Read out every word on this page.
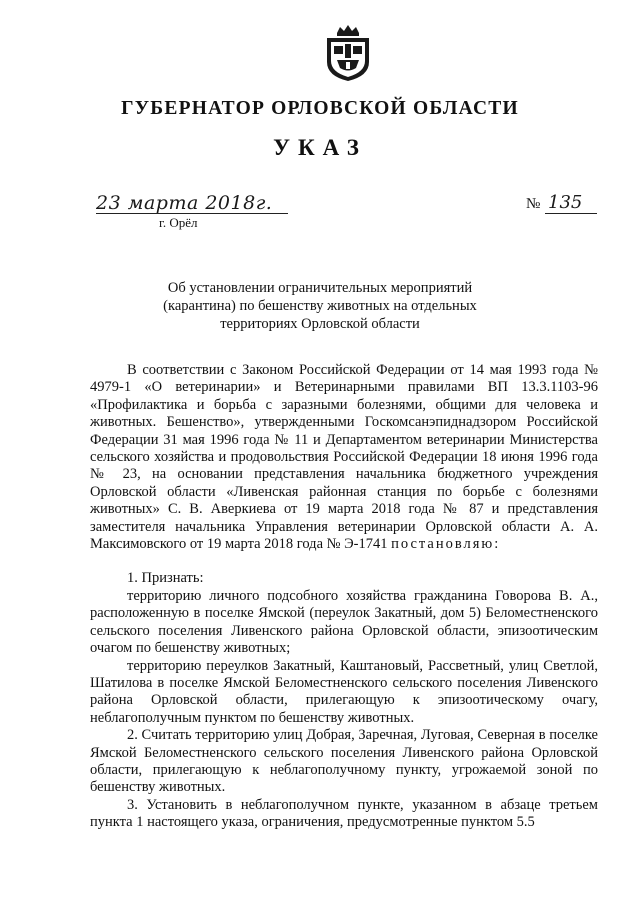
ГУБЕРНАТОР ОРЛОВСКОЙ ОБЛАСТИ
УКАЗ
23 марта 2018г.
г. Орёл
№ 135
Об установлении ограничительных мероприятий
(карантина) по бешенству животных на отдельных
территориях Орловской области

В соответствии с Законом Российской Федерации от 14 мая 1993 года № 4979-1 «О ветеринарии» и Ветеринарными правилами ВП 13.3.1103-96 «Профилактика и борьба с заразными болезнями, общими для человека и животных. Бешенство», утвержденными Госкомсанэпиднадзором Российской Федерации 31 мая 1996 года № 11 и Департаментом ветеринарии Министерства сельского хозяйства и продовольствия Российской Федерации 18 июня 1996 года № 23, на основании представления начальника бюджетного учреждения Орловской области «Ливенская районная станция по борьбе с болезнями животных» С. В. Аверкиева от 19 марта 2018 года № 87 и представления заместителя начальника Управления ветеринарии Орловской области А. А. Максимовского от 19 марта 2018 года № Э-1741 постановляю:

1. Признать:

территорию личного подсобного хозяйства гражданина Говорова В. А., расположенную в поселке Ямской (переулок Закатный, дом 5) Беломестненского сельского поселения Ливенского района Орловской области, эпизоотическим очагом по бешенству животных;

территорию переулков Закатный, Каштановый, Рассветный, улиц Светлой, Шатилова в поселке Ямской Беломестненского сельского поселения Ливенского района Орловской области, прилегающую к эпизоотическому очагу, неблагополучным пунктом по бешенству животных.

2. Считать территорию улиц Добрая, Заречная, Луговая, Северная в поселке Ямской Беломестненского сельского поселения Ливенского района Орловской области, прилегающую к неблагополучному пункту, угрожаемой зоной по бешенству животных.

3. Установить в неблагополучном пункте, указанном в абзаце третьем пункта 1 настоящего указа, ограничения, предусмотренные пунктом 5.5
